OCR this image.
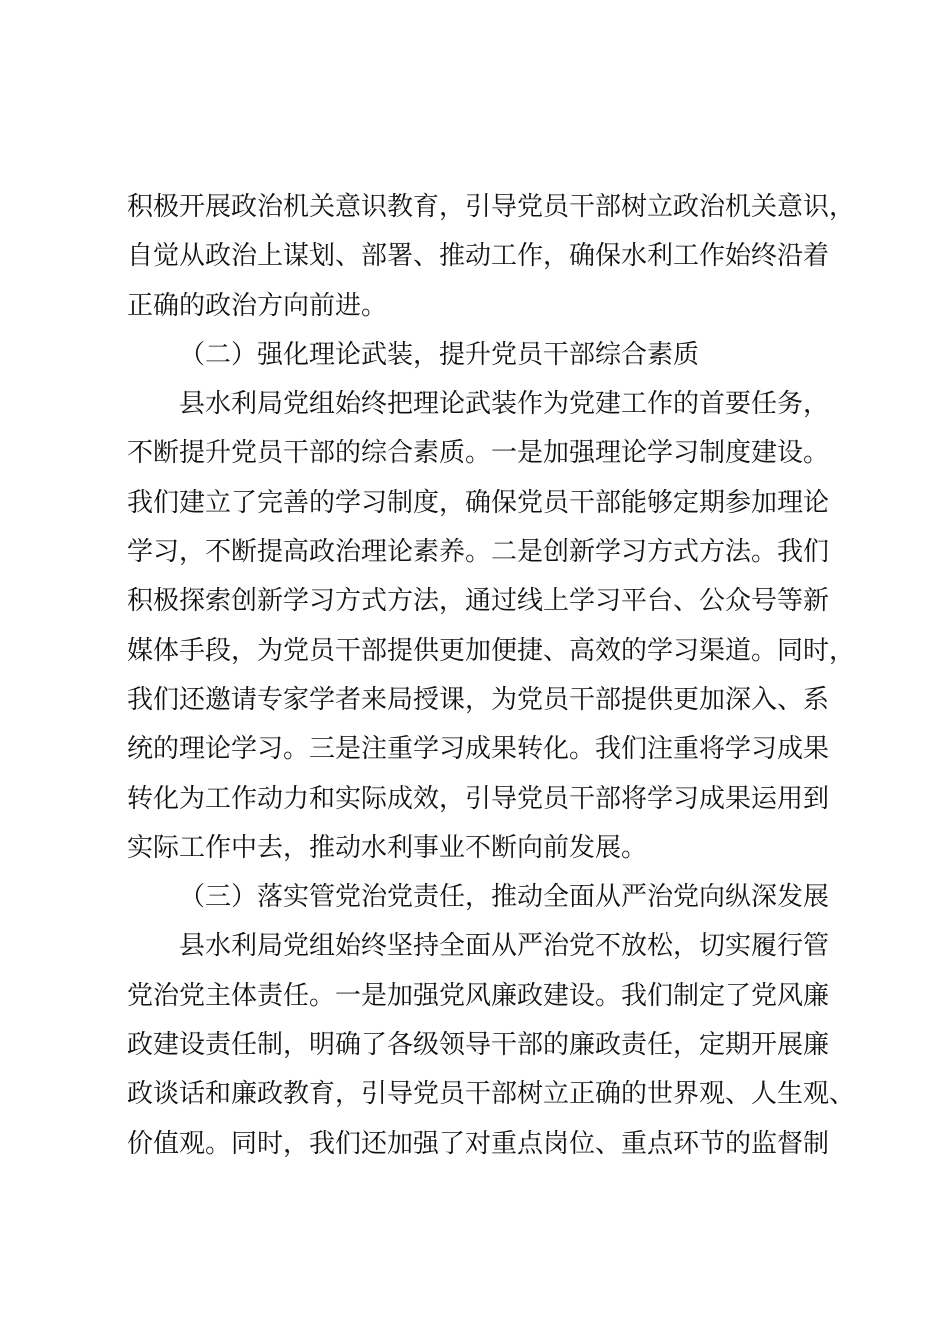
积极开展政治机关意识教育，引导党员干部树立政治机关意识，
自觉从政治上谋划、部署、推动工作，确保水利工作始终沿着
正确的政治方向前进。
（二）强化理论武装，提升党员干部综合素质
县水利局党组始终把理论武装作为党建工作的首要任务，
不断提升党员干部的综合素质。一是加强理论学习制度建设。
我们建立了完善的学习制度，确保党员干部能够定期参加理论
学习，不断提高政治理论素养。二是创新学习方式方法。我们
积极探索创新学习方式方法，通过线上学习平台、公众号等新
媒体手段，为党员干部提供更加便捷、高效的学习渠道。同时，
我们还邀请专家学者来局授课，为党员干部提供更加深入、系
统的理论学习。三是注重学习成果转化。我们注重将学习成果
转化为工作动力和实际成效，引导党员干部将学习成果运用到
实际工作中去，推动水利事业不断向前发展。
（三）落实管党治党责任，推动全面从严治党向纵深发展
县水利局党组始终坚持全面从严治党不放松，切实履行管
党治党主体责任。一是加强党风廉政建设。我们制定了党风廉
政建设责任制，明确了各级领导干部的廉政责任，定期开展廉
政谈话和廉政教育，引导党员干部树立正确的世界观、人生观、
价值观。同时，我们还加强了对重点岗位、重点环节的监督制
